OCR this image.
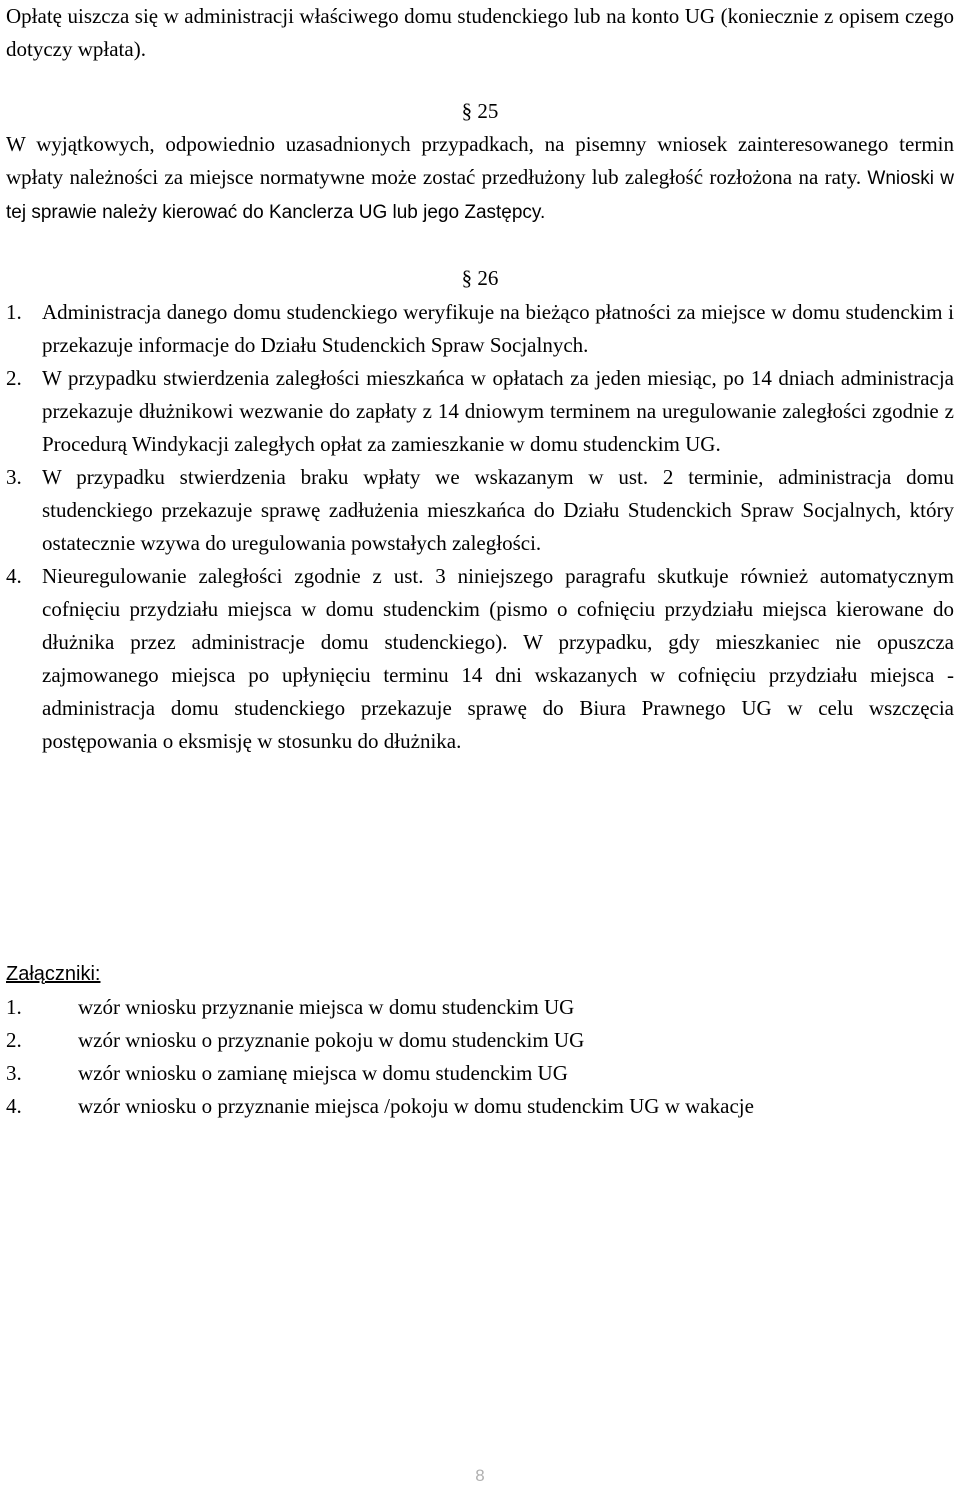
Opłatę uiszcza się w administracji właściwego domu studenckiego lub na konto UG (koniecznie z opisem czego dotyczy wpłata).

§ 25

W wyjątkowych, odpowiednio uzasadnionych przypadkach, na pisemny wniosek zainteresowanego termin wpłaty należności za miejsce normatywne może zostać przedłużony lub zaległość rozłożona na raty. Wnioski w tej sprawie należy kierować do Kanclerza UG lub jego Zastępcy.

§ 26
1. Administracja danego domu studenckiego weryfikuje na bieżąco płatności za miejsce w domu studenckim i przekazuje informacje do Działu Studenckich Spraw Socjalnych.
2. W przypadku stwierdzenia zaległości mieszkańca w opłatach za jeden miesiąc, po 14 dniach administracja przekazuje dłużnikowi wezwanie do zapłaty z 14 dniowym terminem na uregulowanie zaległości zgodnie z Procedurą Windykacji zaległych opłat za zamieszkanie w domu studenckim UG.
3. W przypadku stwierdzenia braku wpłaty we wskazanym w ust. 2 terminie, administracja domu studenckiego przekazuje sprawę zadłużenia mieszkańca do Działu Studenckich Spraw Socjalnych, który ostatecznie wzywa do uregulowania powstałych zaległości.
4. Nieuregulowanie zaległości zgodnie z ust. 3 niniejszego paragrafu skutkuje również automatycznym cofnięciu przydziału miejsca w domu studenckim (pismo o cofnięciu przydziału miejsca kierowane do dłużnika przez administracje domu studenckiego). W przypadku, gdy mieszkaniec nie opuszcza zajmowanego miejsca po upłynięciu terminu 14 dni wskazanych w cofnięciu przydziału miejsca - administracja domu studenckiego przekazuje sprawę do Biura Prawnego UG w celu wszczęcia postępowania o eksmisję w stosunku do dłużnika.
Załączniki:
1.	wzór wniosku przyznanie miejsca w domu studenckim UG
2.	wzór wniosku o przyznanie pokoju w domu studenckim UG
3.	wzór wniosku o zamianę miejsca w domu studenckim UG
4.	wzór wniosku o przyznanie miejsca /pokoju w domu studenckim UG w wakacje
8
